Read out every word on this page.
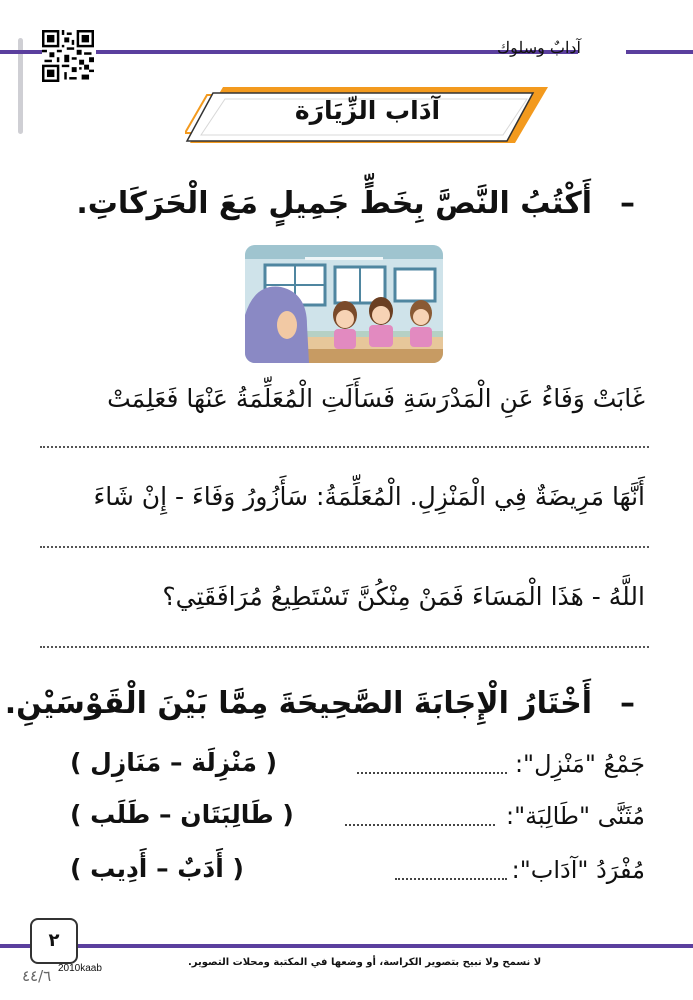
آدابٌ وسلوك
آدَاب الزِّيَارَة
–أَكْتُبُ النَّصَّ بِخَطٍّ جَمِيلٍ مَعَ الْحَرَكَاتِ.
غَابَتْ وَفَاءُ عَنِ الْمَدْرَسَةِ فَسَأَلَتِ الْمُعَلِّمَةُ عَنْهَا فَعَلِمَتْ
أَنَّهَا مَرِيضَةٌ فِي الْمَنْزِلِ. الْمُعَلِّمَةُ: سَأَزُورُ وَفَاءَ - إِنْ شَاءَ
اللَّهُ - هَذَا الْمَسَاءَ فَمَنْ مِنْكُنَّ تَسْتَطِيعُ مُرَافَقَتِي؟
–أَخْتَارُ الْإِجَابَةَ الصَّحِيحَةَ مِمَّا بَيْنَ الْقَوْسَيْنِ.
جَمْعُ "مَنْزِل":
( مَنْزِلَة – مَنَازِل )
مُثَنَّى "طَالِبَة":
( طَالِبَتَان – طَلَب )
مُفْرَدُ "آدَاب":
( أَدَبٌ – أَدِيب )
٢
لا نسمح ولا نبيح بتصوير الكراسة، أو وضعها في المكتبة ومحلات التصوير.
2010kaab
٤٤/٦
